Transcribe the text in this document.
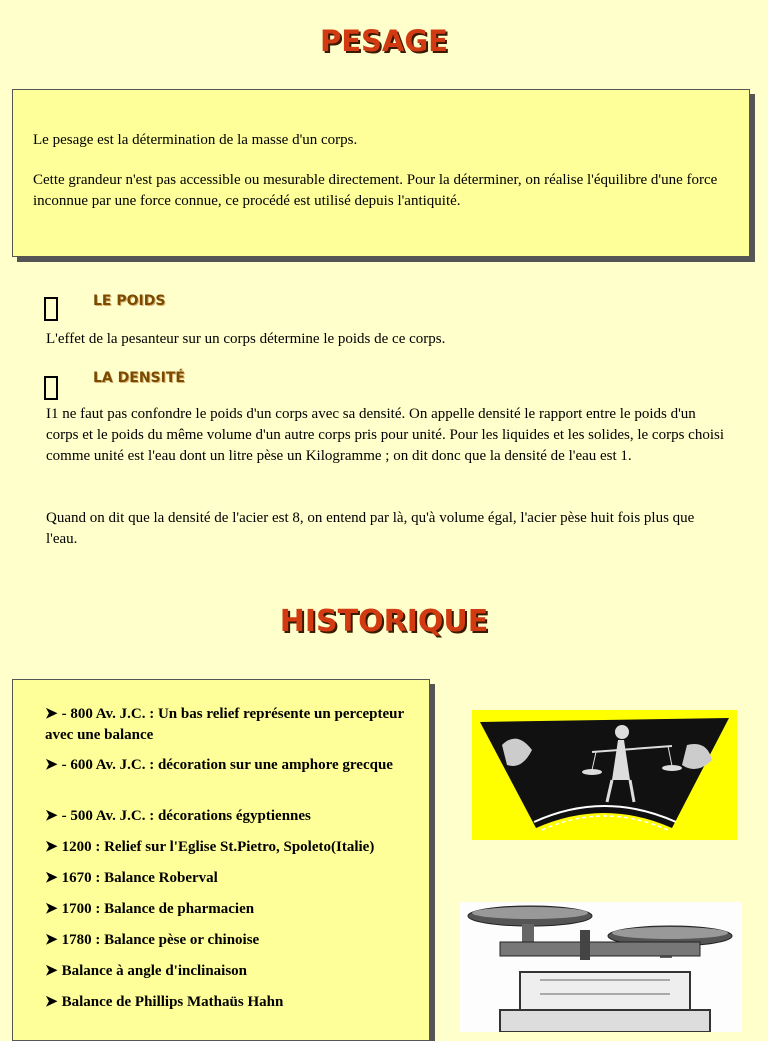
PESAGE

Le pesage est la détermination de la masse d'un corps.

Cette grandeur n'est pas accessible ou mesurable directement. Pour la déterminer, on réalise l'équilibre d'une force inconnue par une force connue, ce procédé est utilisé depuis l'antiquité.

LE POIDS

L'effet de la pesanteur sur un corps détermine le poids de ce corps.

LA DENSITÉ

I1 ne faut pas confondre le poids d'un corps avec sa densité. On appelle densité le rapport entre le poids d'un corps et le poids du même volume d'un autre corps pris pour unité. Pour les liquides et les solides, le corps choisi comme unité est l'eau dont un litre pèse un Kilogramme ; on dit donc que la densité de l'eau est 1.

Quand on dit que la densité de l'acier est 8, on entend par là, qu'à volume égal, l'acier pèse huit fois plus que l'eau.

HISTORIQUE
➤ - 800 Av. J.C. : Un bas relief représente un percepteur avec une balance
➤ - 600 Av. J.C. : décoration sur une amphore grecque
➤ - 500 Av. J.C. : décorations égyptiennes
➤ 1200 : Relief sur l'Eglise St.Pietro, Spoleto(Italie)
➤ 1670 : Balance Roberval
➤ 1700 : Balance de pharmacien
➤ 1780 : Balance pèse or chinoise
➤ Balance à angle d'inclinaison
➤ Balance de Phillips Mathaüs Hahn
